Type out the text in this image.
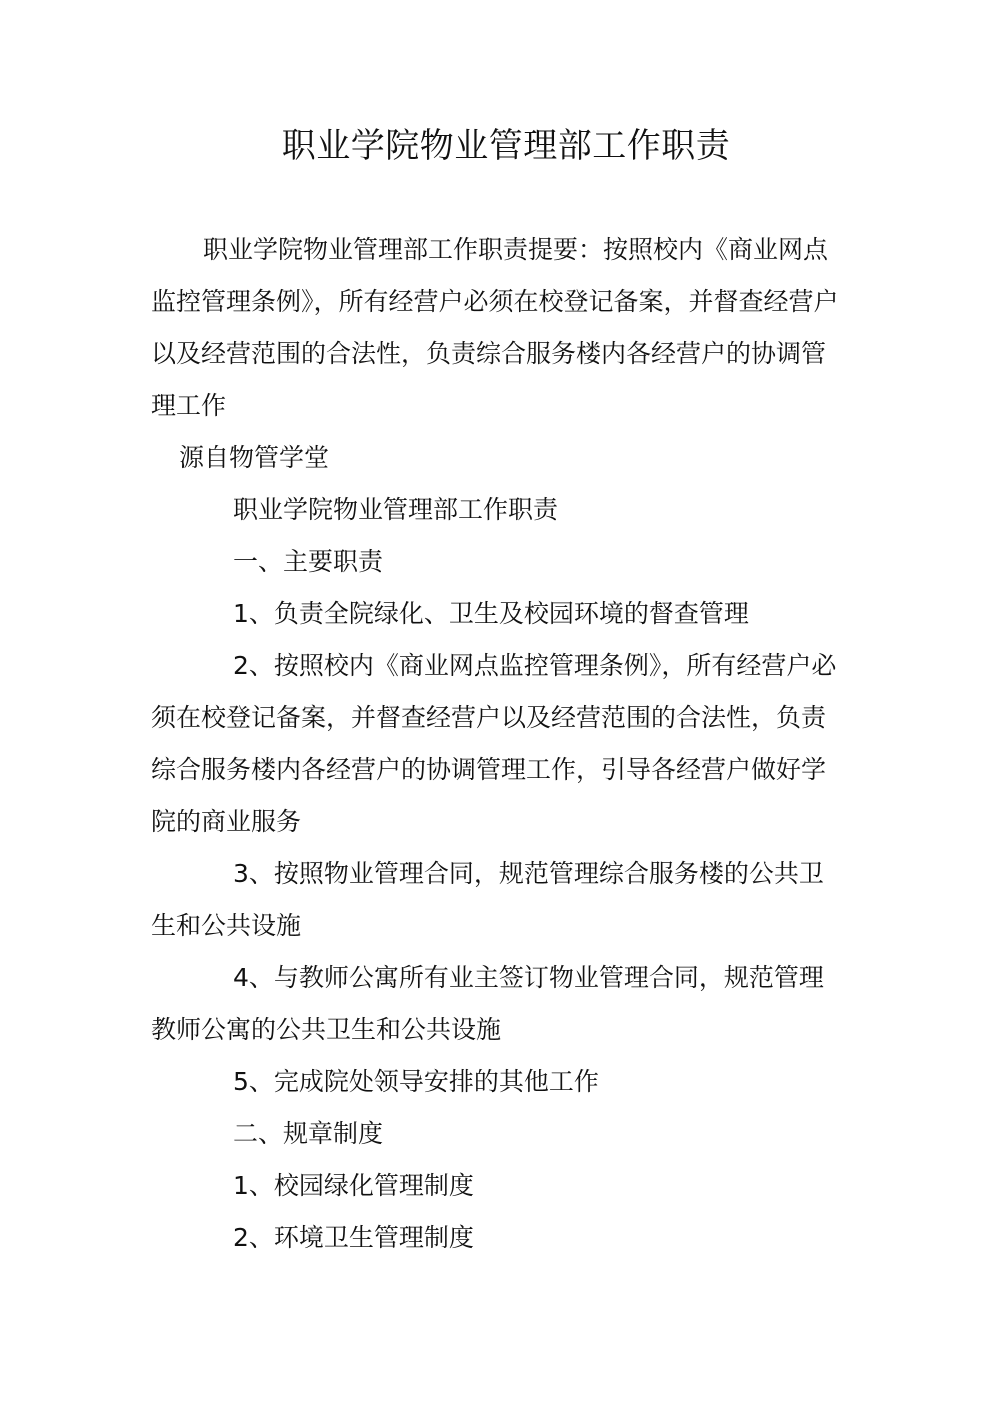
职业学院物业管理部工作职责

职业学院物业管理部工作职责提要：按照校内《商业网点监控管理条例》，所有经营户必须在校登记备案，并督查经营户以及经营范围的合法性，负责综合服务楼内各经营户的协调管理工作

源自物管学堂

职业学院物业管理部工作职责

一、主要职责

1、负责全院绿化、卫生及校园环境的督查管理

2、按照校内《商业网点监控管理条例》，所有经营户必须在校登记备案，并督查经营户以及经营范围的合法性，负责综合服务楼内各经营户的协调管理工作，引导各经营户做好学院的商业服务

3、按照物业管理合同，规范管理综合服务楼的公共卫生和公共设施

4、与教师公寓所有业主签订物业管理合同，规范管理教师公寓的公共卫生和公共设施

5、完成院处领导安排的其他工作

二、规章制度

1、校园绿化管理制度

2、环境卫生管理制度
